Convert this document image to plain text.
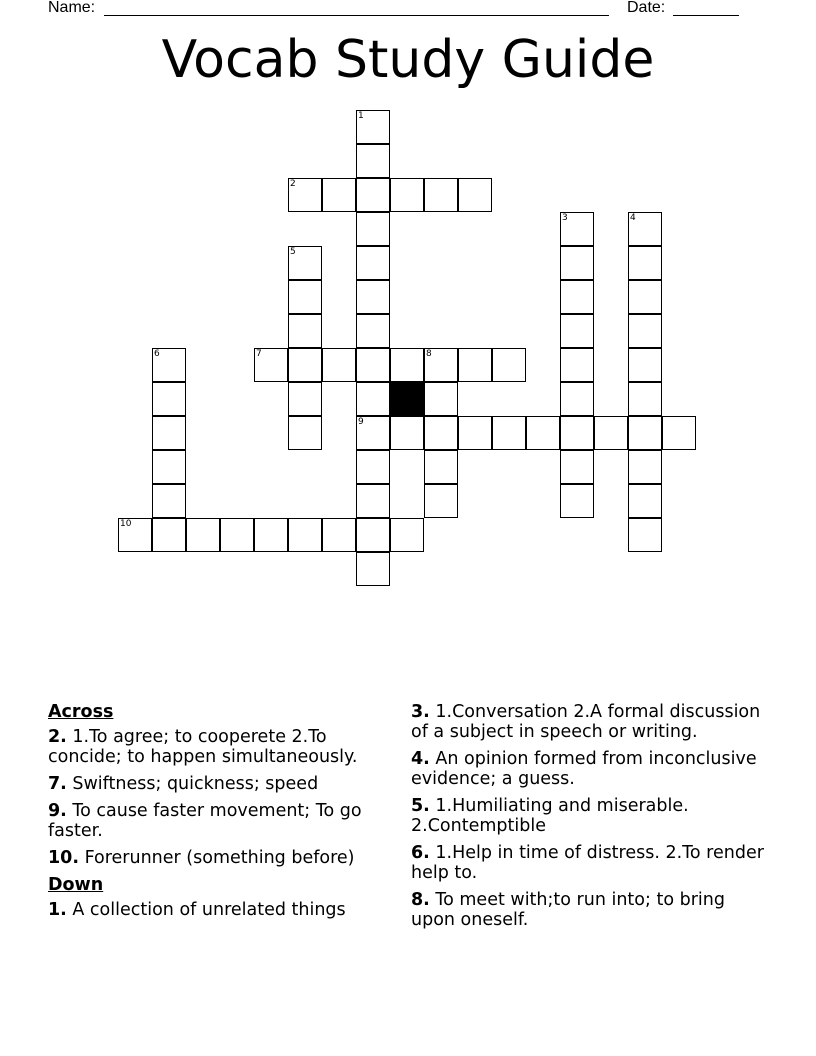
Name:	Date:
Vocab Study Guide
1
2
3	4
5
6	7	8
9
10
Across
2. 1.To agree; to cooperete 2.To concide; to happen simultaneously.
7. Swiftness; quickness; speed
9. To cause faster movement; To go faster.
10. Forerunner (something before)
Down
1. A collection of unrelated things
3. 1.Conversation 2.A formal discussion of a subject in speech or writing.
4. An opinion formed from inconclusive evidence; a guess.
5. 1.Humiliating and miserable. 2.Contemptible
6. 1.Help in time of distress. 2.To render help to.
8. To meet with;to run into; to bring upon oneself.
